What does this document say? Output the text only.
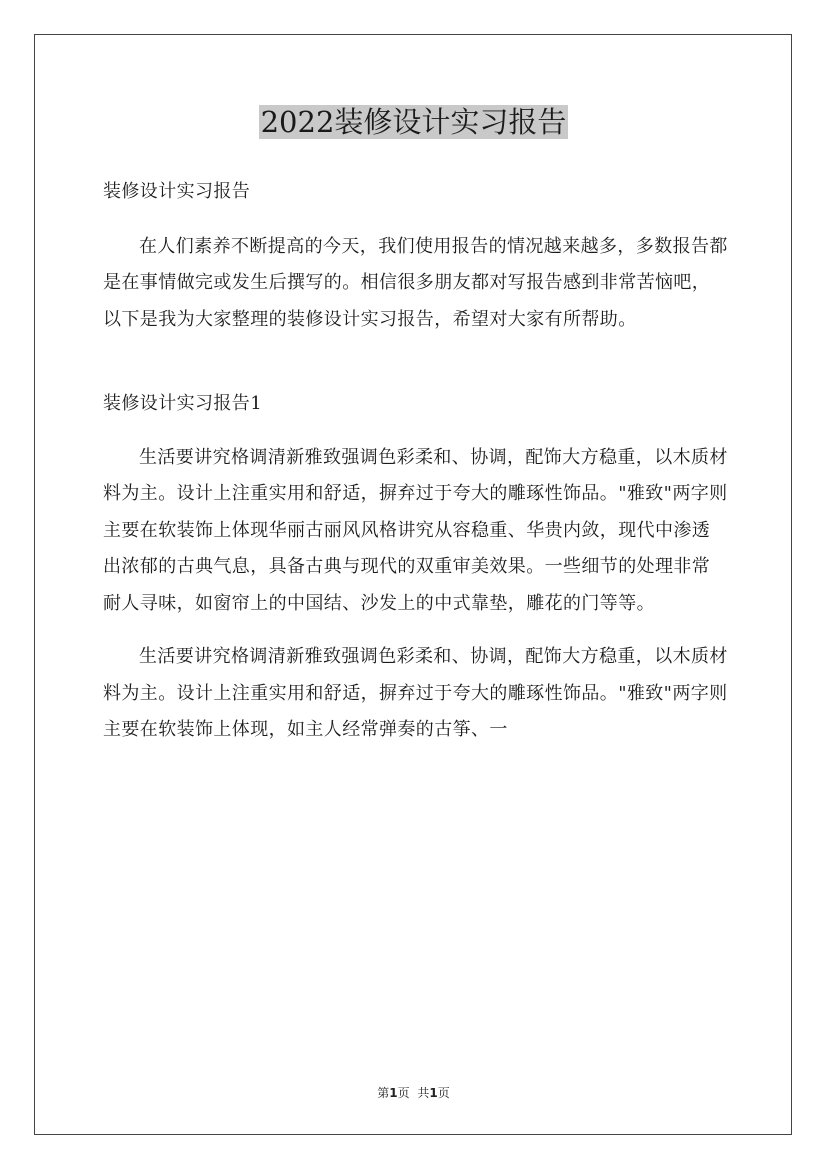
2022装修设计实习报告

装修设计实习报告

在人们素养不断提高的今天，我们使用报告的情况越来越多，多数报告都是在事情做完或发生后撰写的。相信很多朋友都对写报告感到非常苦恼吧，以下是我为大家整理的装修设计实习报告，希望对大家有所帮助。

装修设计实习报告1

生活要讲究格调清新雅致强调色彩柔和、协调，配饰大方稳重，以木质材料为主。设计上注重实用和舒适，摒弃过于夸大的雕琢性饰品。"雅致"两字则主要在软装饰上体现华丽古丽风风格讲究从容稳重、华贵内敛，现代中渗透出浓郁的古典气息，具备古典与现代的双重审美效果。一些细节的处理非常耐人寻味，如窗帘上的中国结、沙发上的中式靠垫，雕花的门等等。

生活要讲究格调清新雅致强调色彩柔和、协调，配饰大方稳重，以木质材料为主。设计上注重实用和舒适，摒弃过于夸大的雕琢性饰品。"雅致"两字则主要在软装饰上体现，如主人经常弹奏的古筝、一

第1页 共1页
